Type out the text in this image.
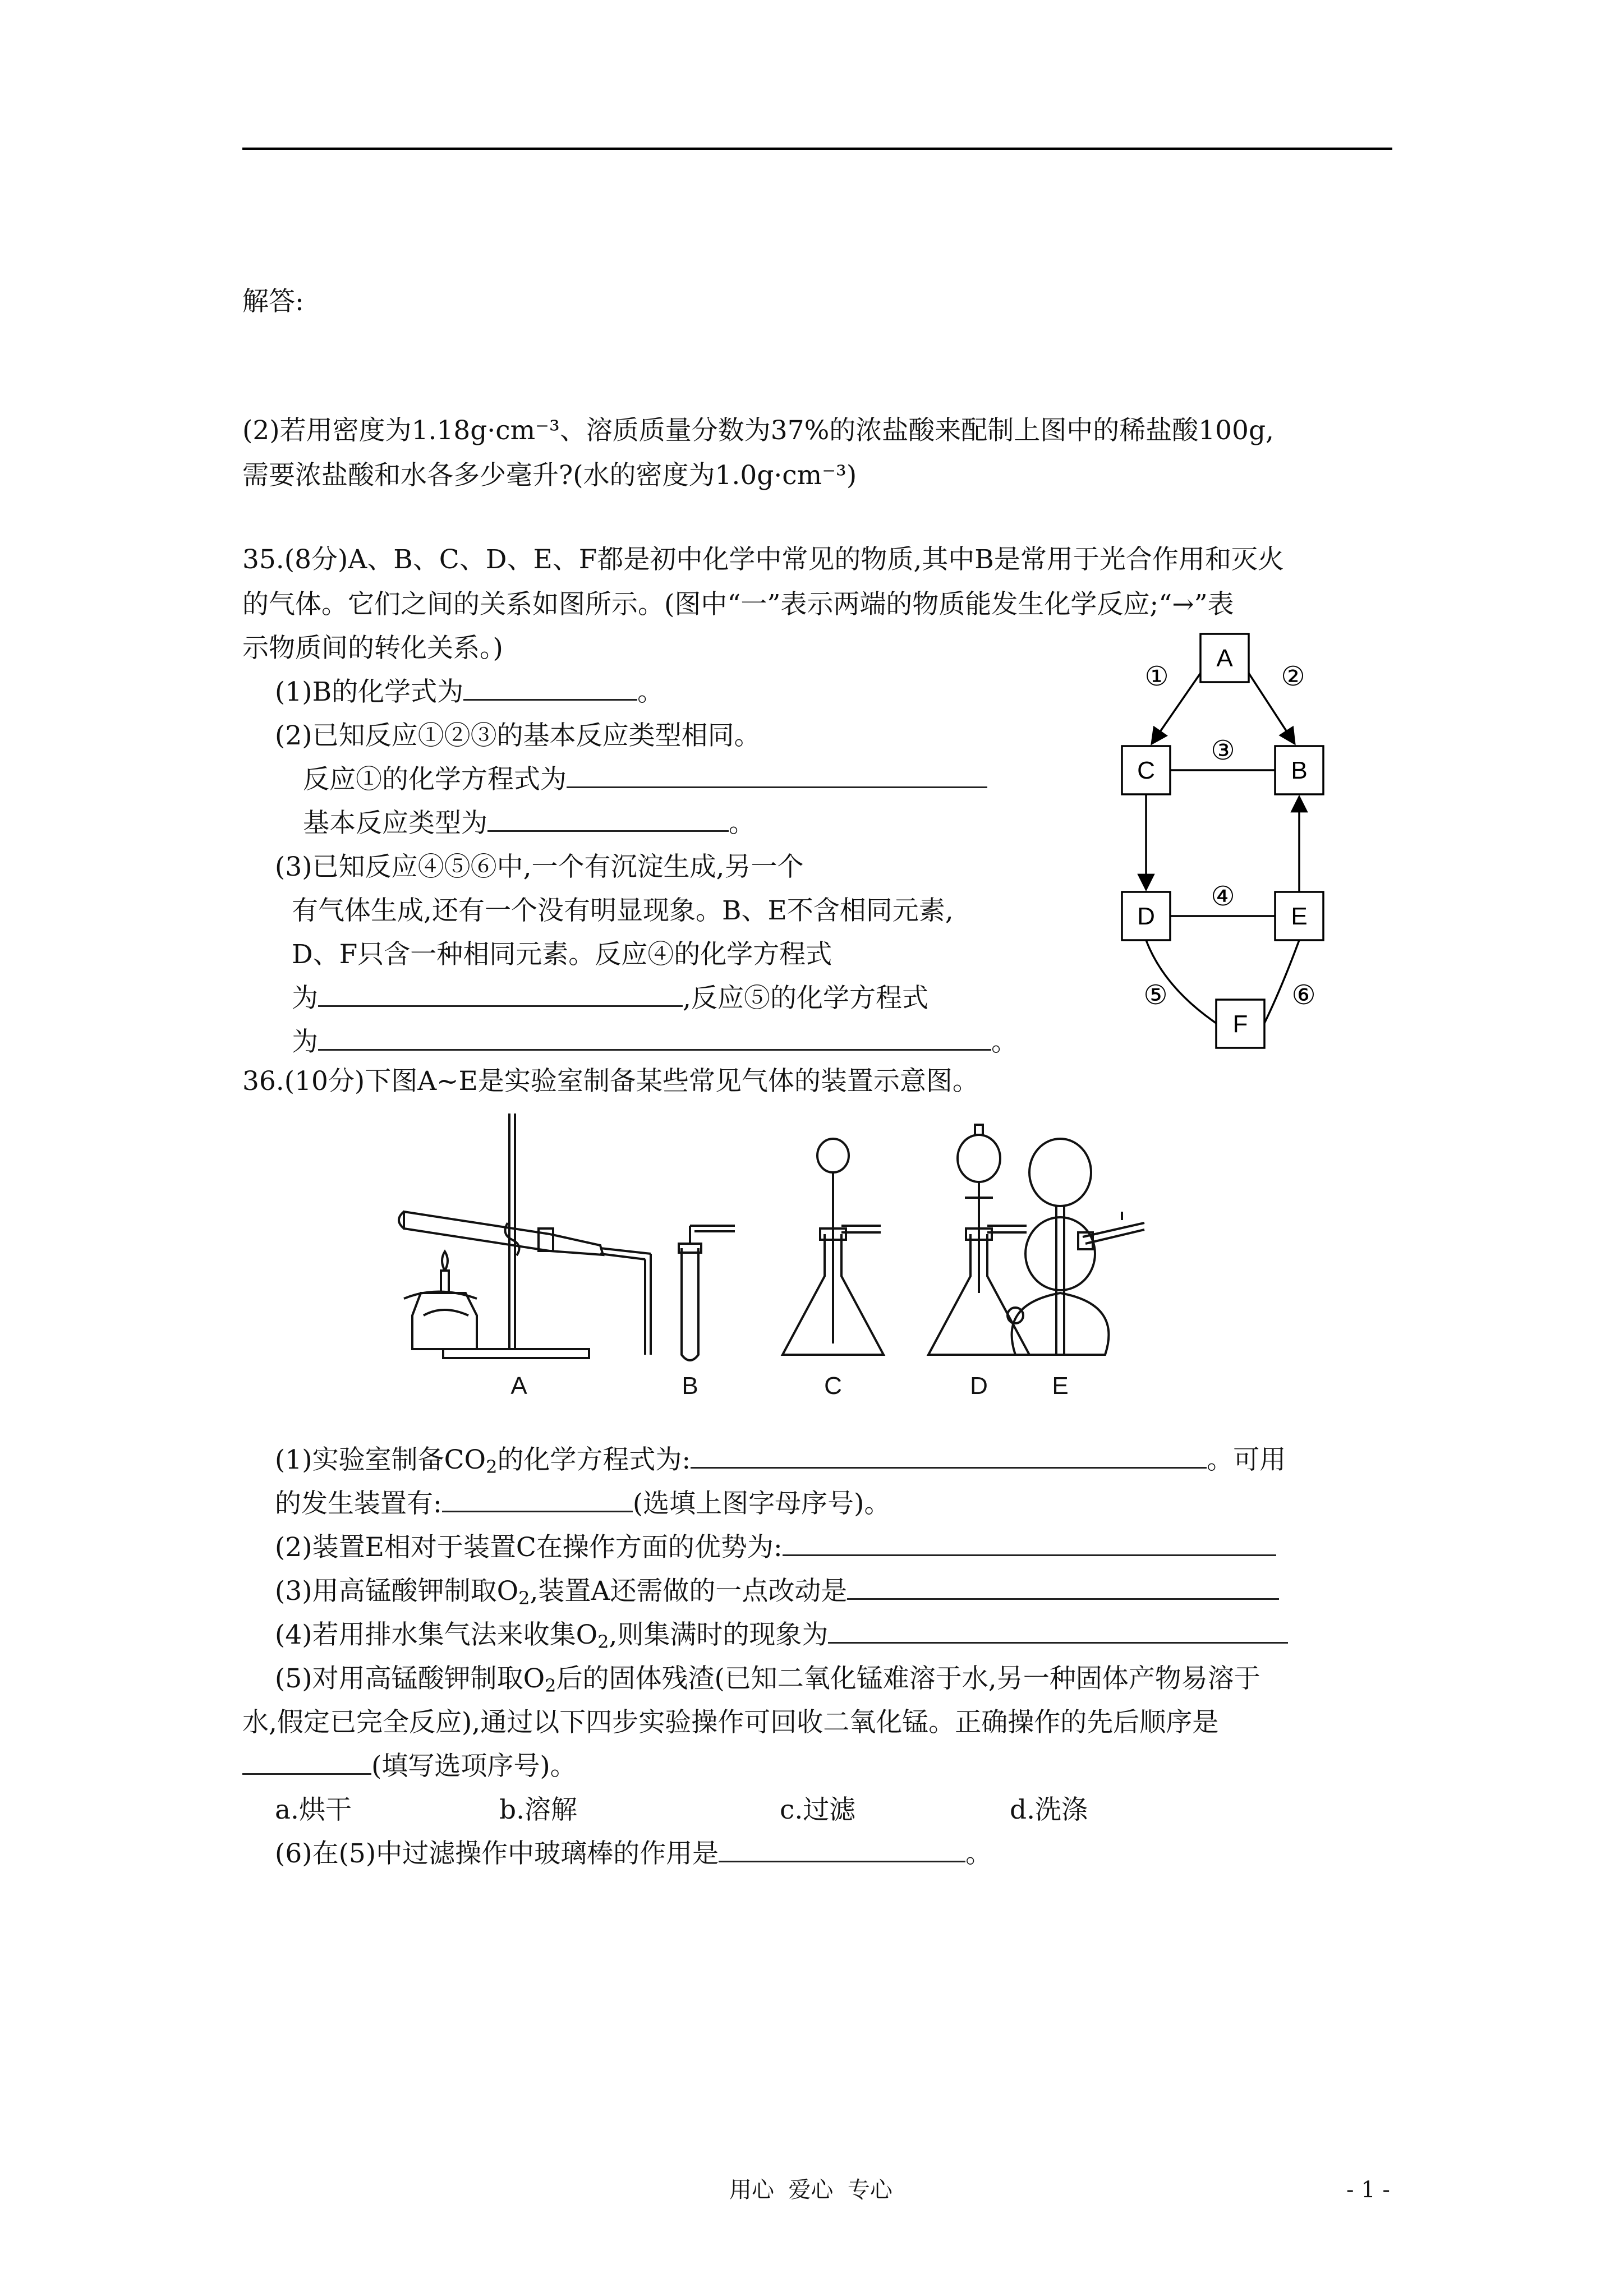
解答:
(2)若用密度为1.18g·cm⁻³、溶质质量分数为37%的浓盐酸来配制上图中的稀盐酸100g,
需要浓盐酸和水各多少毫升?(水的密度为1.0g·cm⁻³)
35.(8分)A、B、C、D、E、F都是初中化学中常见的物质,其中B是常用于光合作用和灭火
的气体。它们之间的关系如图所示。(图中“一”表示两端的物质能发生化学反应;“→”表
示物质间的转化关系。)
(1)B的化学式为	。
(2)已知反应①②③的基本反应类型相同。
反应①的化学方程式为
基本反应类型为	。
(3)已知反应④⑤⑥中,一个有沉淀生成,另一个
有气体生成,还有一个没有明显现象。B、E不含相同元素,
D、F只含一种相同元素。反应④的化学方程式
为	,反应⑤的化学方程式
为	。
A
B
C
D	E
F
①	②
③
④
⑤	⑥
36.(10分)下图A~E是实验室制备某些常见气体的装置示意图。
A	B	C	D	E
(1)实验室制备$CO_2$的化学方程式为:	。可用
的发生装置有:	(选填上图字母序号)。
(2)装置E相对于装置C在操作方面的优势为:
(3)用高锰酸钾制取$O_2$,装置A还需做的一点改动是
(4)若用排水集气法来收集$O_2$,则集满时的现象为
(5)对用高锰酸钾制取$O_2$后的固体残渣(已知二氧化锰难溶于水,另一种固体产物易溶于
水,假定已完全反应),通过以下四步实验操作可回收二氧化锰。正确操作的先后顺序是
(填写选项序号)。
a.烘干	b.溶解	c.过滤	d.洗涤
(6)在(5)中过滤操作中玻璃棒的作用是	。
用心  爱心  专心	- 1 -
